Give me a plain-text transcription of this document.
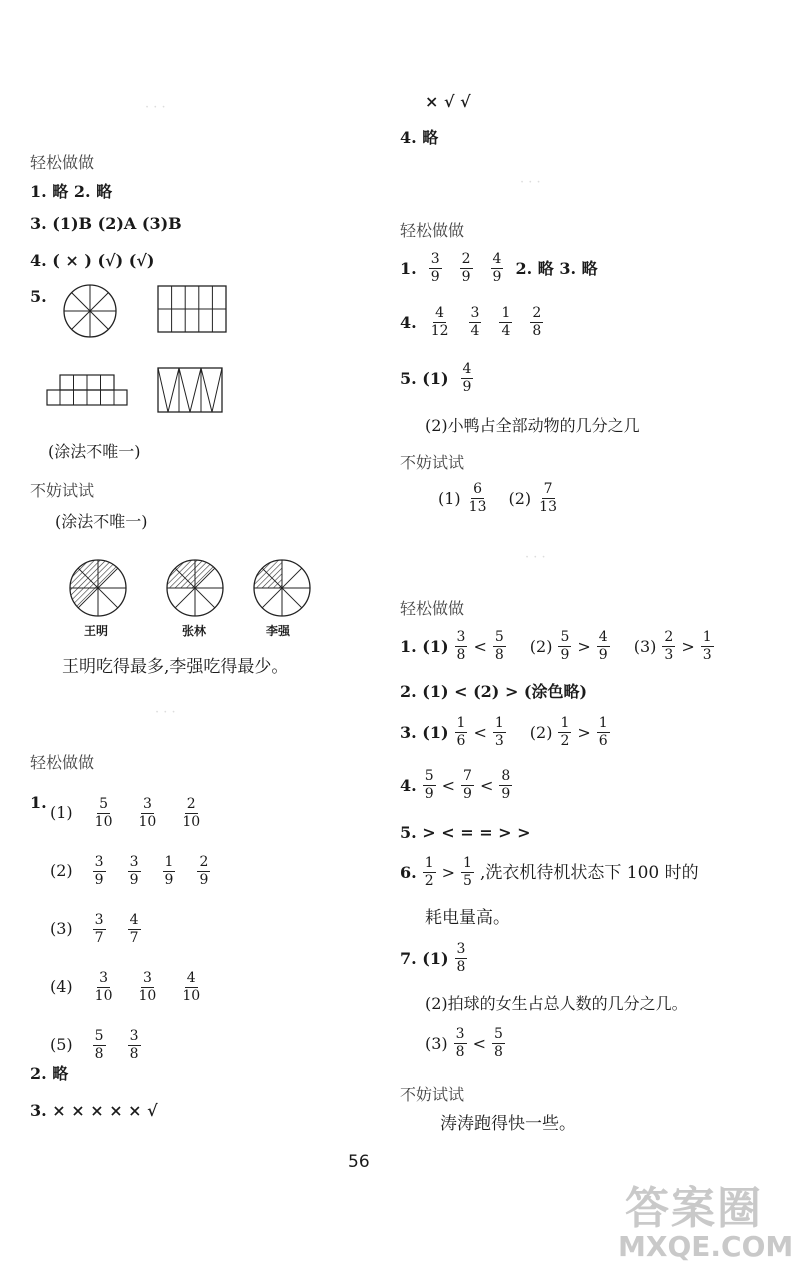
· · ·
轻松做做
1. 略 2. 略
3. (1)B (2)A (3)B
4. ( × ) (√) (√)
5.
(涂法不唯一)
不妨试试
(涂法不唯一)
王明	张林	李强
王明吃得最多,李强吃得最少。
· · ·
轻松做做
1.
$(1) \frac{5}{10} \frac{3}{10} \frac{2}{10}$
$(2) \frac{3}{9} \frac{3}{9} \frac{1}{9} \frac{2}{9}$
$(3) \frac{3}{7} \frac{4}{7}$
$(4) \frac{3}{10} \frac{3}{10} \frac{4}{10}$
$(5) \frac{5}{8} \frac{3}{8}$
2. 略
3. × × × × × √
× √ √
4. 略
· · ·
轻松做做
1. $\frac{3}{9} \frac{2}{9} \frac{4}{9} 2$. 略 3. 略
4. $\frac{4}{12} \frac{3}{4} \frac{1}{4} \frac{2}{8}$
5. $(1) \frac{4}{9}$
(2)小鸭占全部动物的几分之几
不妨试试
$(1) \frac{6}{13} (2) \frac{7}{13}$
· · ·
轻松做做
1. $(1) \frac{3}{8} < \frac{5}{8} (2) \frac{5}{9} > \frac{4}{9} (3) \frac{2}{3} > \frac{1}{3}$
2. (1) < (2) > (涂色略)
3. $(1) \frac{1}{6} < \frac{1}{3} (2) \frac{1}{2} > \frac{1}{6}$
4. $\frac{5}{9} < \frac{7}{9} < \frac{8}{9}$
5. > < = = > >
6. $\frac{1}{2} > \frac{1}{5}$ ,洗衣机待机状态下 100 时的
耗电量高。
7. $(1) \frac{3}{8}$
(2)拍球的女生占总人数的几分之几。
$(3) \frac{3}{8} < \frac{5}{8}$
不妨试试
涛涛跑得快一些。
56
答案圈
MXQE.COM
